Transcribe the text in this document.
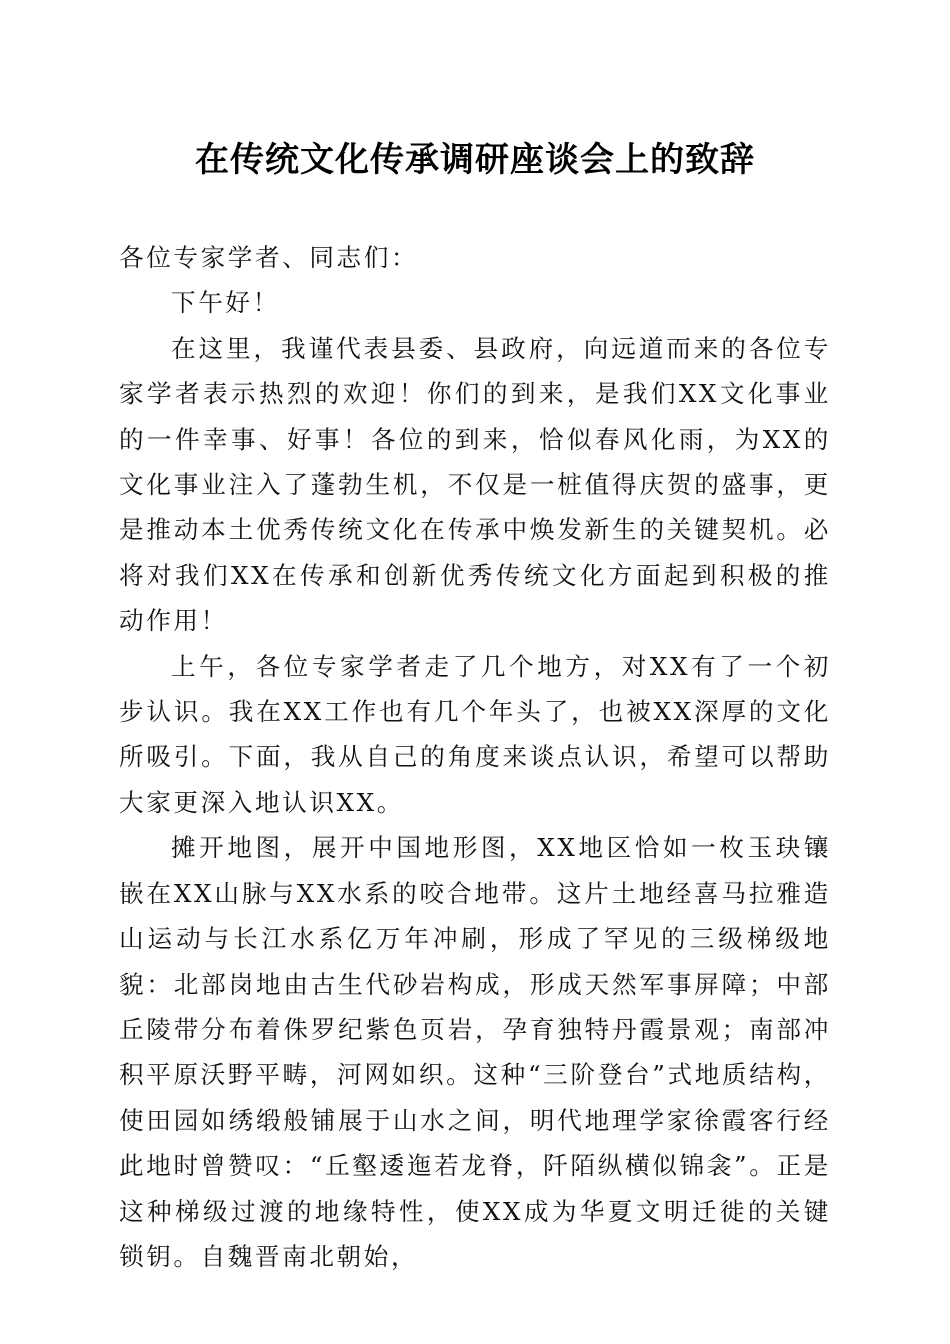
在传统文化传承调研座谈会上的致辞

各位专家学者、同志们：

下午好！

在这里，我谨代表县委、县政府，向远道而来的各位专家学者表示热烈的欢迎！你们的到来，是我们XX文化事业的一件幸事、好事！各位的到来，恰似春风化雨，为XX的文化事业注入了蓬勃生机，不仅是一桩值得庆贺的盛事，更是推动本土优秀传统文化在传承中焕发新生的关键契机。必将对我们XX在传承和创新优秀传统文化方面起到积极的推动作用！

上午，各位专家学者走了几个地方，对XX有了一个初步认识。我在XX工作也有几个年头了，也被XX深厚的文化所吸引。下面，我从自己的角度来谈点认识，希望可以帮助大家更深入地认识XX。

摊开地图，展开中国地形图，XX地区恰如一枚玉玦镶嵌在XX山脉与XX水系的咬合地带。这片土地经喜马拉雅造山运动与长江水系亿万年冲刷，形成了罕见的三级梯级地貌：北部岗地由古生代砂岩构成，形成天然军事屏障；中部丘陵带分布着侏罗纪紫色页岩，孕育独特丹霞景观；南部冲积平原沃野平畴，河网如织。这种“三阶登台”式地质结构，使田园如绣缎般铺展于山水之间，明代地理学家徐霞客行经此地时曾赞叹：“丘壑逶迤若龙脊，阡陌纵横似锦衾”。正是这种梯级过渡的地缘特性，使XX成为华夏文明迁徙的关键锁钥。自魏晋南北朝始，
